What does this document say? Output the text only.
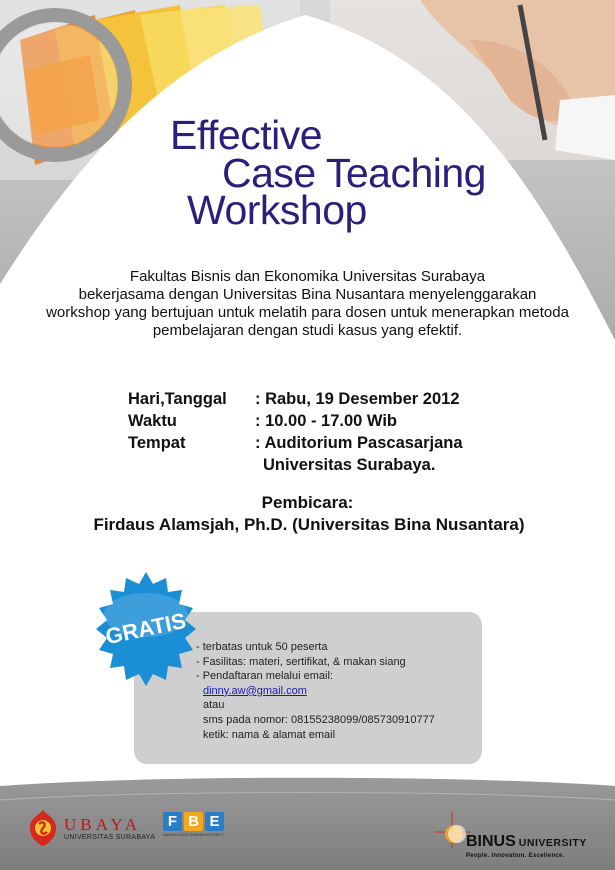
Effective
Case Teaching
Workshop
Fakultas Bisnis dan Ekonomika Universitas Surabaya
bekerjasama dengan Universitas Bina Nusantara menyelenggarakan
workshop yang bertujuan untuk melatih para dosen untuk menerapkan metoda
pembelajaran dengan studi kasus yang efektif.
Hari,Tanggal	: Rabu, 19 Desember 2012
Waktu	: 10.00 - 17.00 Wib
Tempat	: Auditorium Pascasarjana
Universitas Surabaya.
Pembicara:
Firdaus Alamsjah, Ph.D. (Universitas Bina Nusantara)
- terbatas untuk 50 peserta
- Fasilitas: materi, sertifikat, & makan siang
- Pendaftaran melalui email:
dinny.aw@gmail.com
atau
sms pada nomor: 08155238099/085730910777
ketik: nama & alamat email
GRATIS
UBAYA
UNIVERSITAS SURABAYA
F B E
MAKING GOOD WISDOM INTEGRITY	BINUS UNIVERSITY
People. Innovation. Excellence.
